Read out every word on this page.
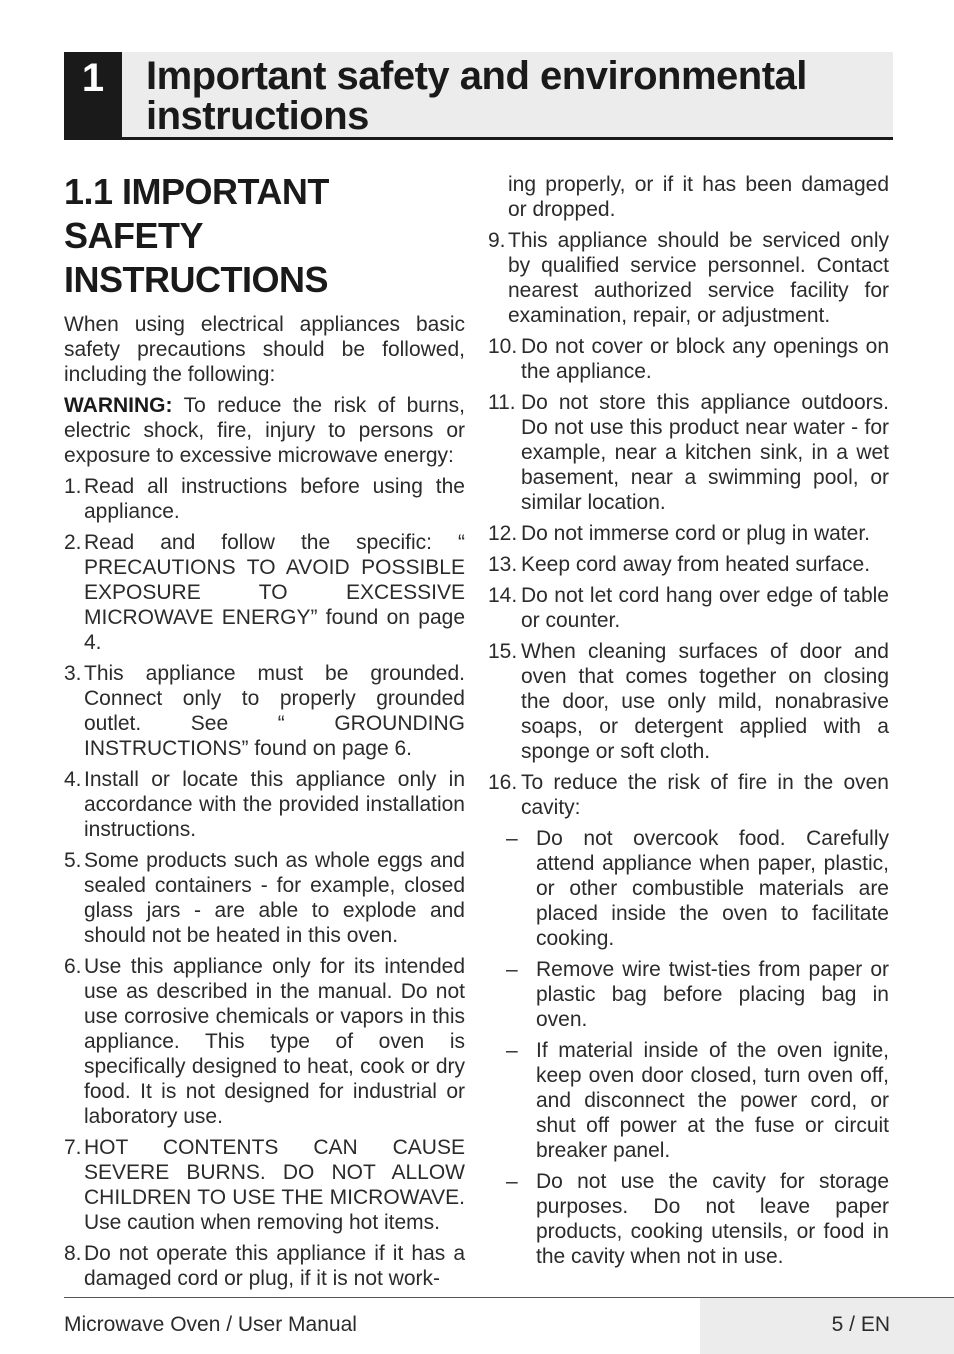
1	Important safety and environmental instructions
1.1 IMPORTANT SAFETY INSTRUCTIONS

When using electrical appliances basic safety precautions should be followed, including the following:

WARNING: To reduce the risk of burns, electric shock, fire, injury to persons or exposure to excessive microwave energy:

1. Read all instructions before using the appliance.
2. Read and follow the specific: “ PRECAUTIONS TO AVOID POSSIBLE EXPOSURE TO EXCESSIVE MICROWAVE ENERGY” found on page 4.
3. This appliance must be grounded. Connect only to properly grounded outlet. See “ GROUNDING INSTRUCTIONS” found on page 6.
4. Install or locate this appliance only in accordance with the provided installation instructions.
5. Some products such as whole eggs and sealed containers - for example, closed glass jars - are able to explode and should not be heated in this oven.
6. Use this appliance only for its intended use as described in the manual. Do not use corrosive chemicals or vapors in this appliance. This type of oven is specifically designed to heat, cook or dry food. It is not designed for industrial or laboratory use.
7. HOT CONTENTS CAN CAUSE SEVERE BURNS. DO NOT ALLOW CHILDREN TO USE THE MICROWAVE. Use caution when removing hot items.
8. Do not operate this appliance if it has a damaged cord or plug, if it is not work-
ing properly, or if it has been damaged or dropped.
9. This appliance should be serviced only by qualified service personnel. Contact nearest authorized service facility for examination, repair, or adjustment.
10. Do not cover or block any openings on the appliance.
11. Do not store this appliance outdoors. Do not use this product near water - for example, near a kitchen sink, in a wet basement, near a swimming pool, or similar location.
12. Do not immerse cord or plug in water.
13. Keep cord away from heated surface.
14. Do not let cord hang over edge of table or counter.
15. When cleaning surfaces of door and oven that comes together on closing the door, use only mild, nonabrasive soaps, or detergent applied with a sponge or soft cloth.
16. To reduce the risk of fire in the oven cavity:
– Do not overcook food. Carefully attend appliance when paper, plastic, or other combustible materials are placed inside the oven to facilitate cooking.
– Remove wire twist-ties from paper or plastic bag before placing bag in oven.
– If material inside of the oven ignite, keep oven door closed, turn oven off, and disconnect the power cord, or shut off power at the fuse or circuit breaker panel.
– Do not use the cavity for storage purposes. Do not leave paper products, cooking utensils, or food in the cavity when not in use.
Microwave Oven / User Manual	5 / EN
